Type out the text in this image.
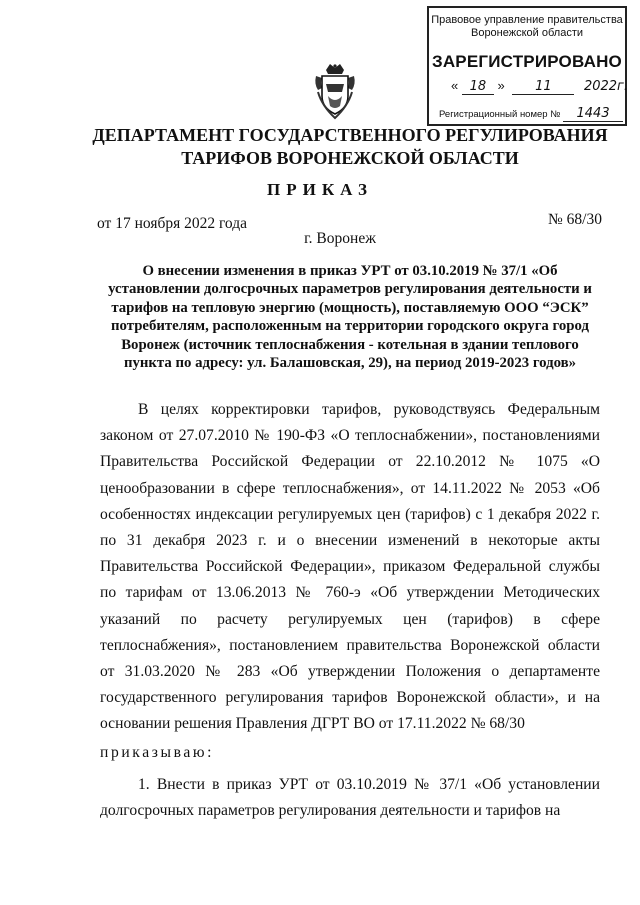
Правовое управление правительства
Воронежской области
ЗАРЕГИСТРИРОВАНО
« 18 » 11 2022г.
Регистрационный номер № 1443
ДЕПАРТАМЕНТ ГОСУДАРСТВЕННОГО РЕГУЛИРОВАНИЯ
ТАРИФОВ ВОРОНЕЖСКОЙ ОБЛАСТИ
ПРИКАЗ
от 17 ноября 2022 года	№ 68/30
г. Воронеж
О внесении изменения в приказ УРТ от 03.10.2019 № 37/1 «Об установлении долгосрочных параметров регулирования деятельности и тарифов на тепловую энергию (мощность), поставляемую ООО “ЭСК” потребителям, расположенным на территории городского округа город Воронеж (источник теплоснабжения - котельная в здании теплового пункта по адресу: ул. Балашовская, 29), на период 2019-2023 годов»

В целях корректировки тарифов, руководствуясь Федеральным законом от 27.07.2010 № 190-ФЗ «О теплоснабжении», постановлениями Правительства Российской Федерации от 22.10.2012 № 1075 «О ценообразовании в сфере теплоснабжения», от 14.11.2022 № 2053 «Об особенностях индексации регулируемых цен (тарифов) с 1 декабря 2022 г. по 31 декабря 2023 г. и о внесении изменений в некоторые акты Правительства Российской Федерации», приказом Федеральной службы по тарифам от 13.06.2013 № 760-э «Об утверждении Методических указаний по расчету регулируемых цен (тарифов) в сфере теплоснабжения», постановлением правительства Воронежской области от 31.03.2020 № 283 «Об утверждении Положения о департаменте государственного регулирования тарифов Воронежской области», и на основании решения Правления ДГРТ ВО от 17.11.2022 № 68/30

приказываю:

1. Внести в приказ УРТ от 03.10.2019 № 37/1 «Об установлении долгосрочных параметров регулирования деятельности и тарифов на
